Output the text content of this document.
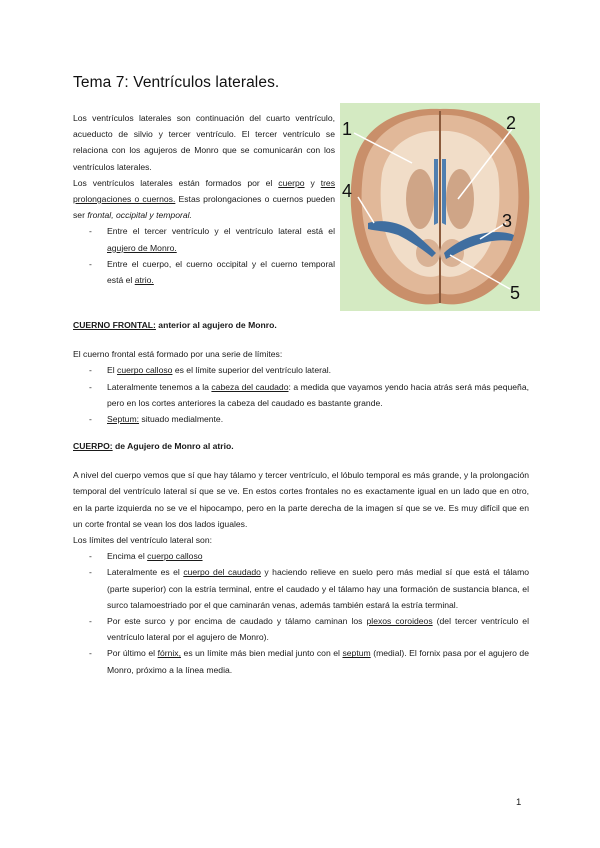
Tema 7: Ventrículos laterales.
Los ventrículos laterales son continuación del cuarto ventrículo, acueducto de silvio y tercer ventrículo. El tercer ventrículo se relaciona con los agujeros de Monro que se comunicarán con los ventrículos laterales.
Los ventrículos laterales están formados por el cuerpo y tres prolongaciones o cuernos. Estas prolongaciones o cuernos pueden ser frontal, occipital y temporal.
- Entre el tercer ventrículo y el ventrículo lateral está el agujero de Monro.
- Entre el cuerpo, el cuerno occipital y el cuerno temporal está el atrio.
1	2
3
4
5
CUERNO FRONTAL: anterior al agujero de Monro.
El cuerno frontal está formado por una serie de límites:
- El cuerpo calloso es el límite superior del ventrículo lateral.
- Lateralmente tenemos a la cabeza del caudado: a medida que vayamos yendo hacia atrás será más pequeña, pero en los cortes anteriores la cabeza del caudado es bastante grande.
- Septum: situado medialmente.
CUERPO: de Agujero de Monro al atrio.
A nivel del cuerpo vemos que sí que hay tálamo y tercer ventrículo, el lóbulo temporal es más grande, y la prolongación temporal del ventrículo lateral sí que se ve. En estos cortes frontales no es exactamente igual en un lado que en otro, en la parte izquierda no se ve el hipocampo, pero en la parte derecha de la imagen sí que se ve. Es muy difícil que en un corte frontal se vean los dos lados iguales.
Los límites del ventrículo lateral son:
- Encima el cuerpo calloso
- Lateralmente es el cuerpo del caudado y haciendo relieve en suelo pero más medial sí que está el tálamo (parte superior) con la estría terminal, entre el caudado y el tálamo hay una formación de sustancia blanca, el surco talamoestriado por el que caminarán venas, además también estará la estría terminal.
- Por este surco y por encima de caudado y tálamo caminan los plexos coroideos (del tercer ventrículo el ventrículo lateral por el agujero de Monro).
- Por último el fórnix, es un límite más bien medial junto con el septum (medial). El fornix pasa por el agujero de Monro, próximo a la línea media.
1
